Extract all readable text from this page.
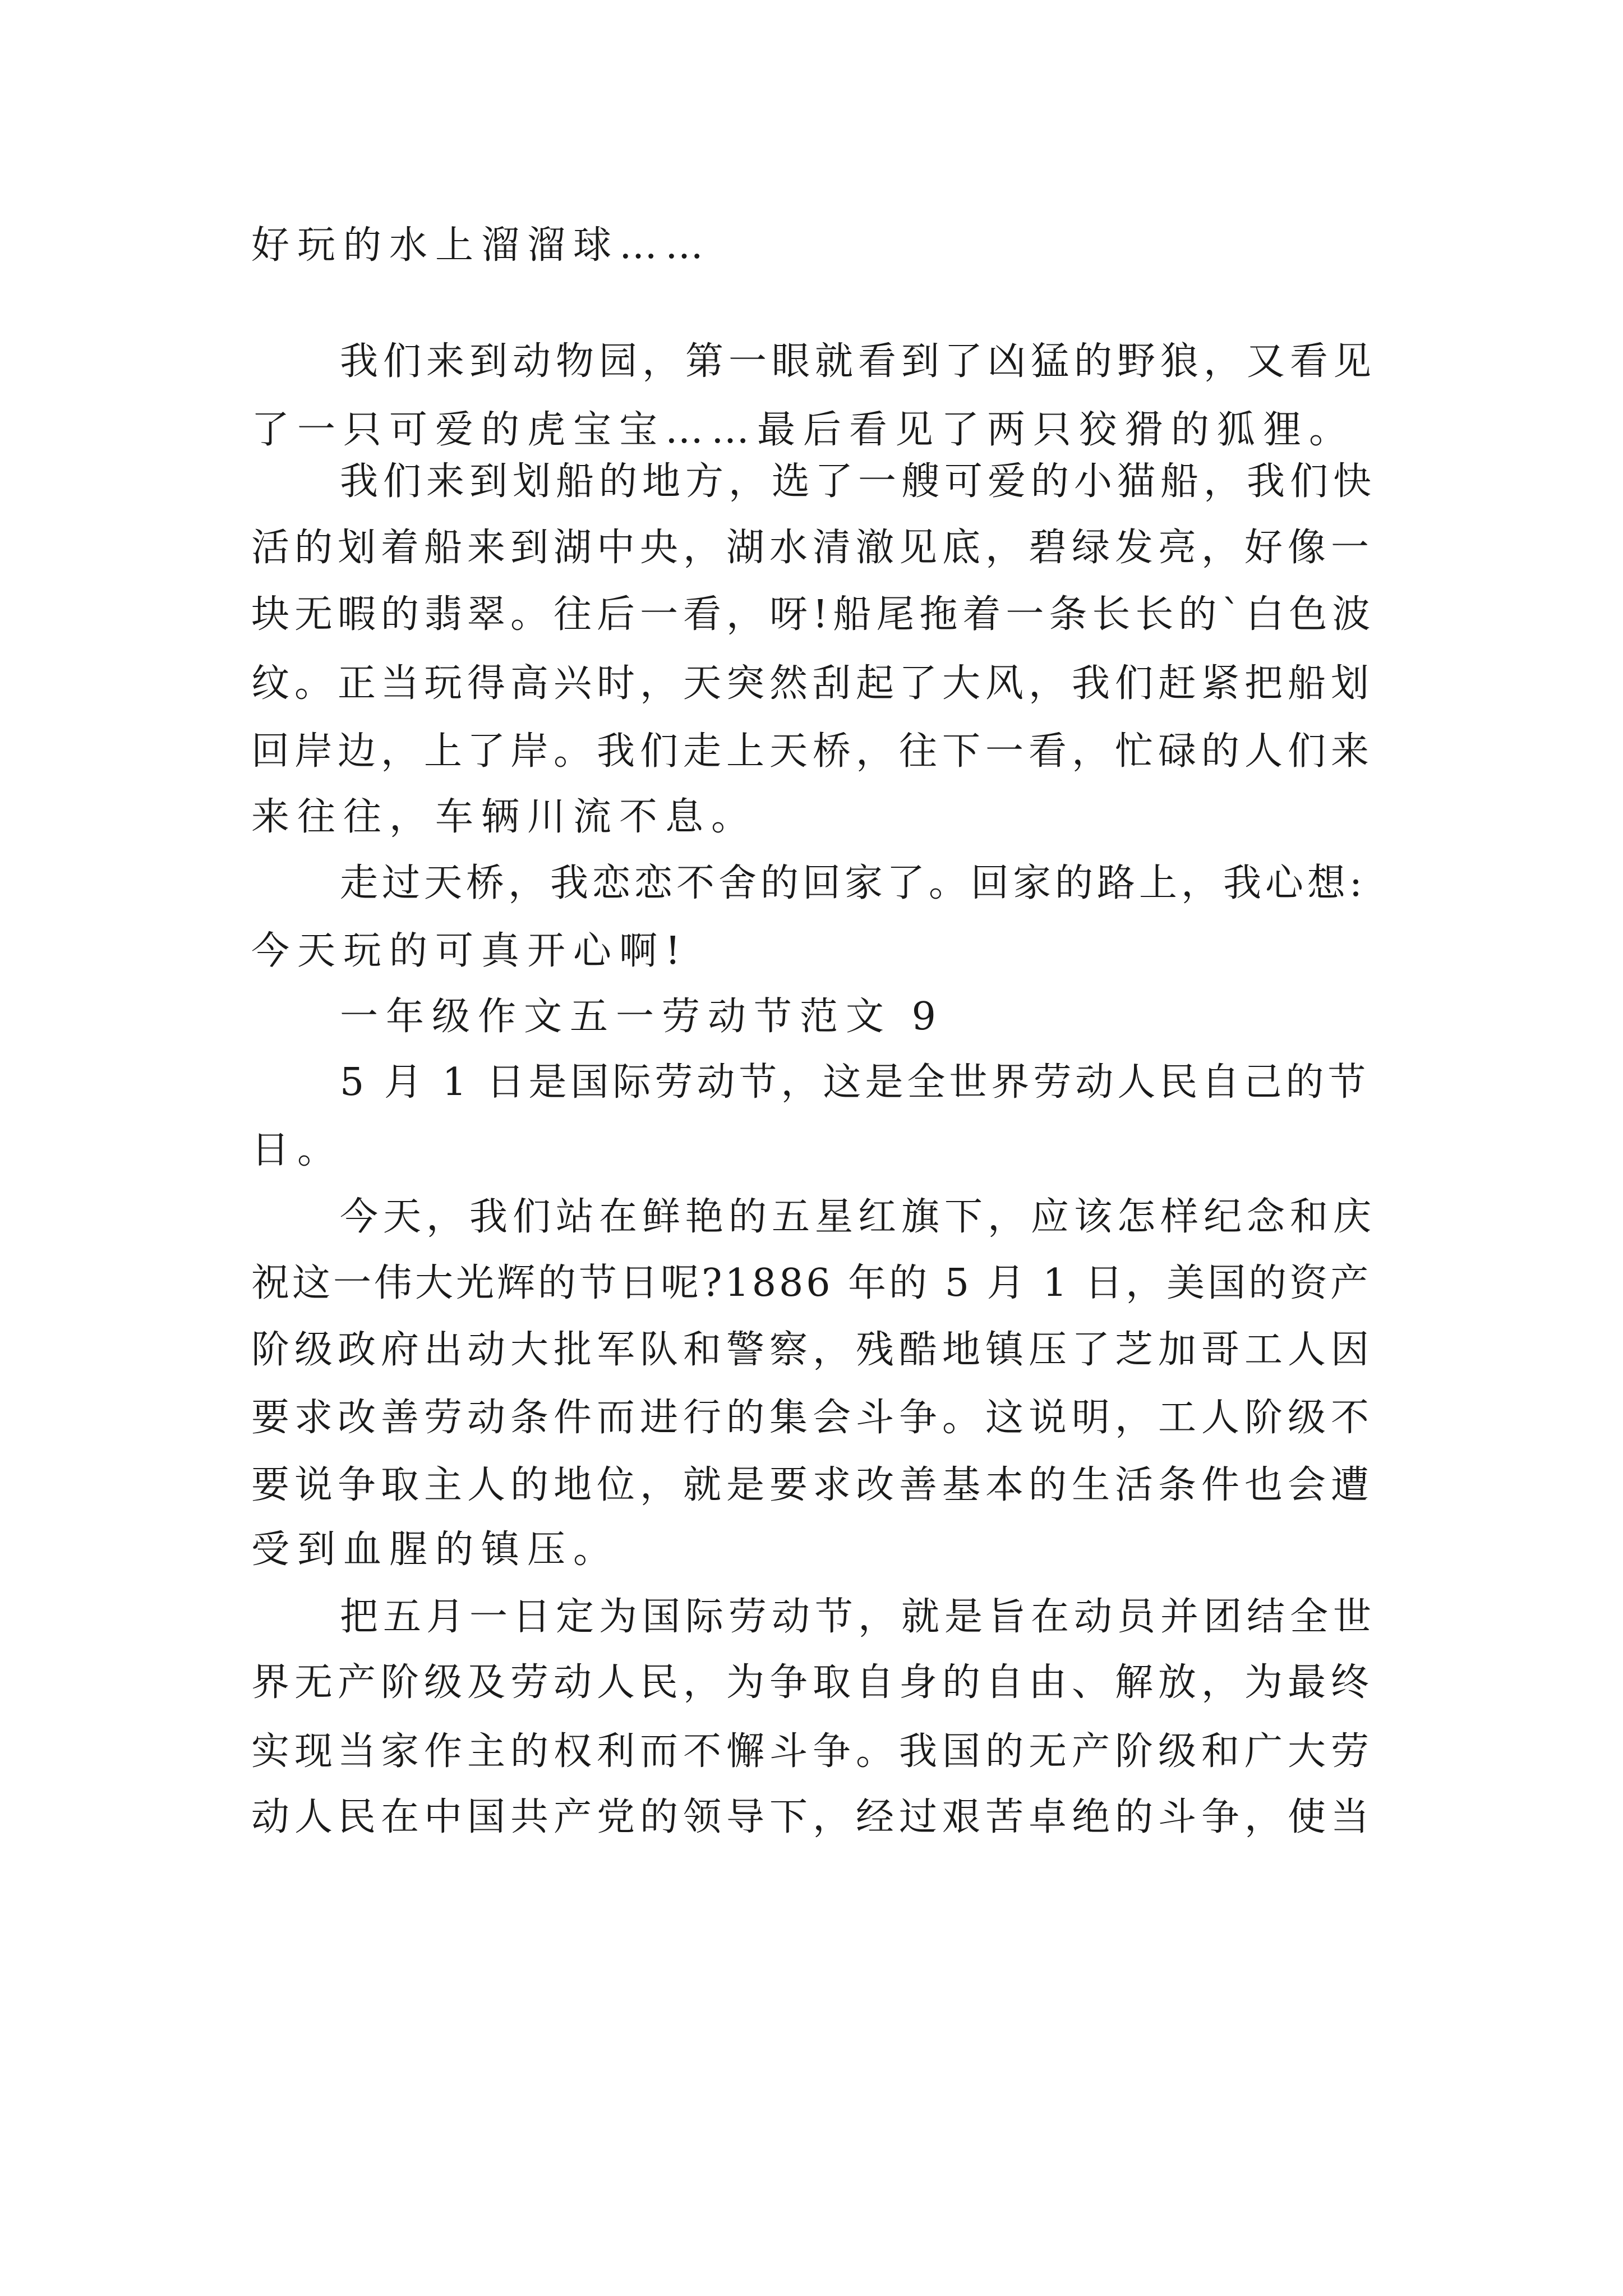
好玩的水上溜溜球……
我们来到动物园，第一眼就看到了凶猛的野狼，又看见
了一只可爱的虎宝宝……最后看见了两只狡猾的狐狸。
我们来到划船的地方，选了一艘可爱的小猫船，我们快
活的划着船来到湖中央，湖水清澈见底，碧绿发亮，好像一
块无暇的翡翠。往后一看，呀!船尾拖着一条长长的`白色波
纹。正当玩得高兴时，天突然刮起了大风，我们赶紧把船划
回岸边，上了岸。我们走上天桥，往下一看，忙碌的人们来
来往往，车辆川流不息。
走过天桥，我恋恋不舍的回家了。回家的路上，我心想:
今天玩的可真开心啊!
一年级作文五一劳动节范文 9
5 月 1 日是国际劳动节，这是全世界劳动人民自己的节
日。
今天，我们站在鲜艳的五星红旗下，应该怎样纪念和庆
祝这一伟大光辉的节日呢?1886 年的 5 月 1 日，美国的资产
阶级政府出动大批军队和警察，残酷地镇压了芝加哥工人因
要求改善劳动条件而进行的集会斗争。这说明，工人阶级不
要说争取主人的地位，就是要求改善基本的生活条件也会遭
受到血腥的镇压。
把五月一日定为国际劳动节，就是旨在动员并团结全世
界无产阶级及劳动人民，为争取自身的自由、解放，为最终
实现当家作主的权利而不懈斗争。我国的无产阶级和广大劳
动人民在中国共产党的领导下，经过艰苦卓绝的斗争，使当
